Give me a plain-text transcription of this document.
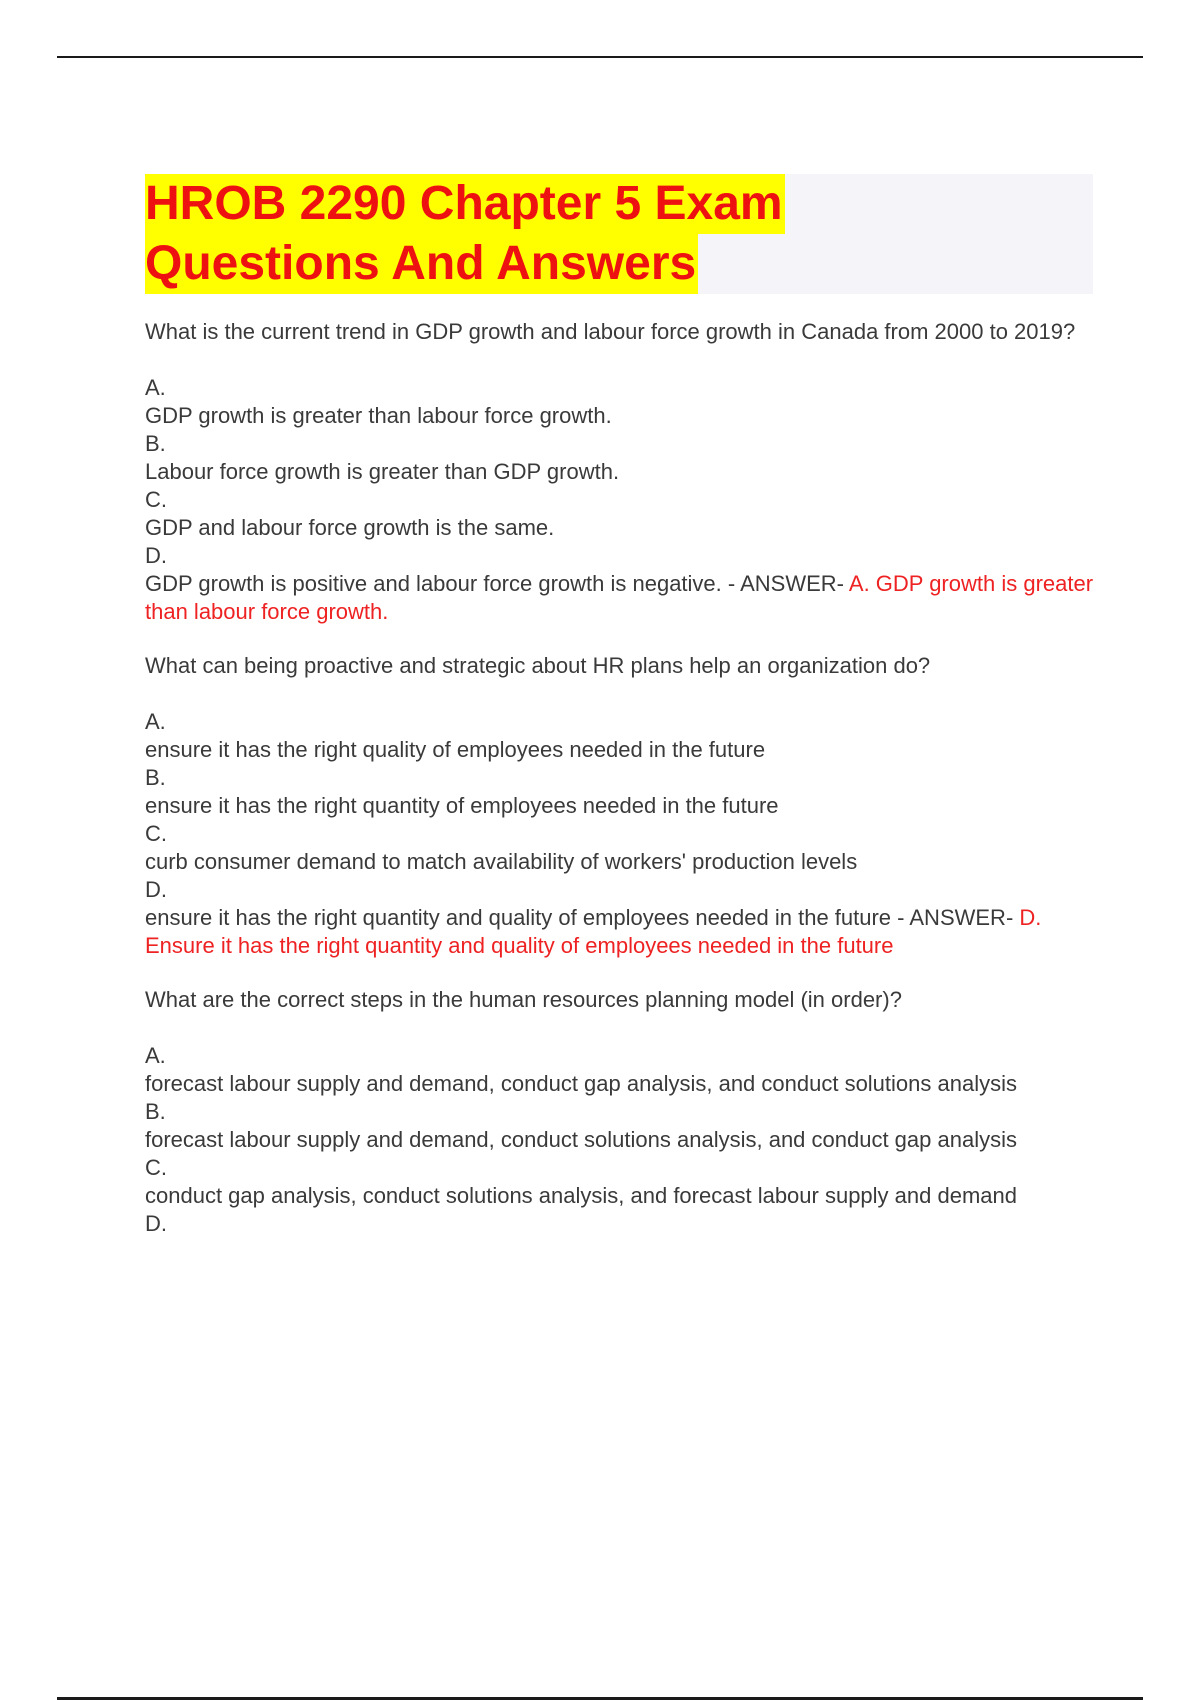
HROB 2290 Chapter 5 Exam
Questions And Answers
What is the current trend in GDP growth and labour force growth in Canada from 2000 to 2019?
A.
GDP growth is greater than labour force growth.
B.
Labour force growth is greater than GDP growth.
C.
GDP and labour force growth is the same.
D.
GDP growth is positive and labour force growth is negative. - ANSWER- A. GDP growth is greater than labour force growth.
What can being proactive and strategic about HR plans help an organization do?
A.
ensure it has the right quality of employees needed in the future
B.
ensure it has the right quantity of employees needed in the future
C.
curb consumer demand to match availability of workers' production levels
D.
ensure it has the right quantity and quality of employees needed in the future - ANSWER- D. Ensure it has the right quantity and quality of employees needed in the future
What are the correct steps in the human resources planning model (in order)?
A.
forecast labour supply and demand, conduct gap analysis, and conduct solutions analysis
B.
forecast labour supply and demand, conduct solutions analysis, and conduct gap analysis
C.
conduct gap analysis, conduct solutions analysis, and forecast labour supply and demand
D.
